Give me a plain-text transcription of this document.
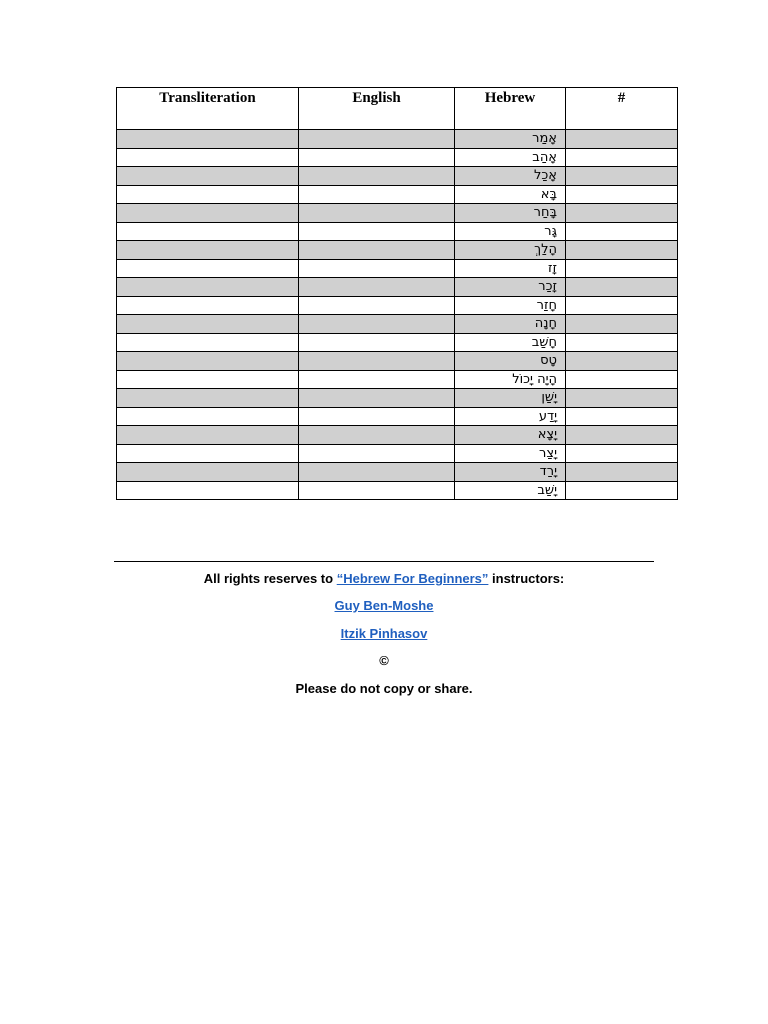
Transliteration	English	Hebrew	#
		אָמַר	
		אָהַב	
		אָכַל	
		בָּא	
		בָּחַר	
		גָּר	
		הָלַךְ	
		זָז	
		זָכַר	
		חָזַר	
		חָנָה	
		חָשַׁב	
		טָס	
		הָיָה יָכוֹל	
		יָשַׁן	
		יָדַע	
		יָצָא	
		יָצַר	
		יָרַד	
		יָשַׁב	
All rights reserves to “Hebrew For Beginners” instructors:
Guy Ben-Moshe
Itzik Pinhasov
©
Please do not copy or share.
